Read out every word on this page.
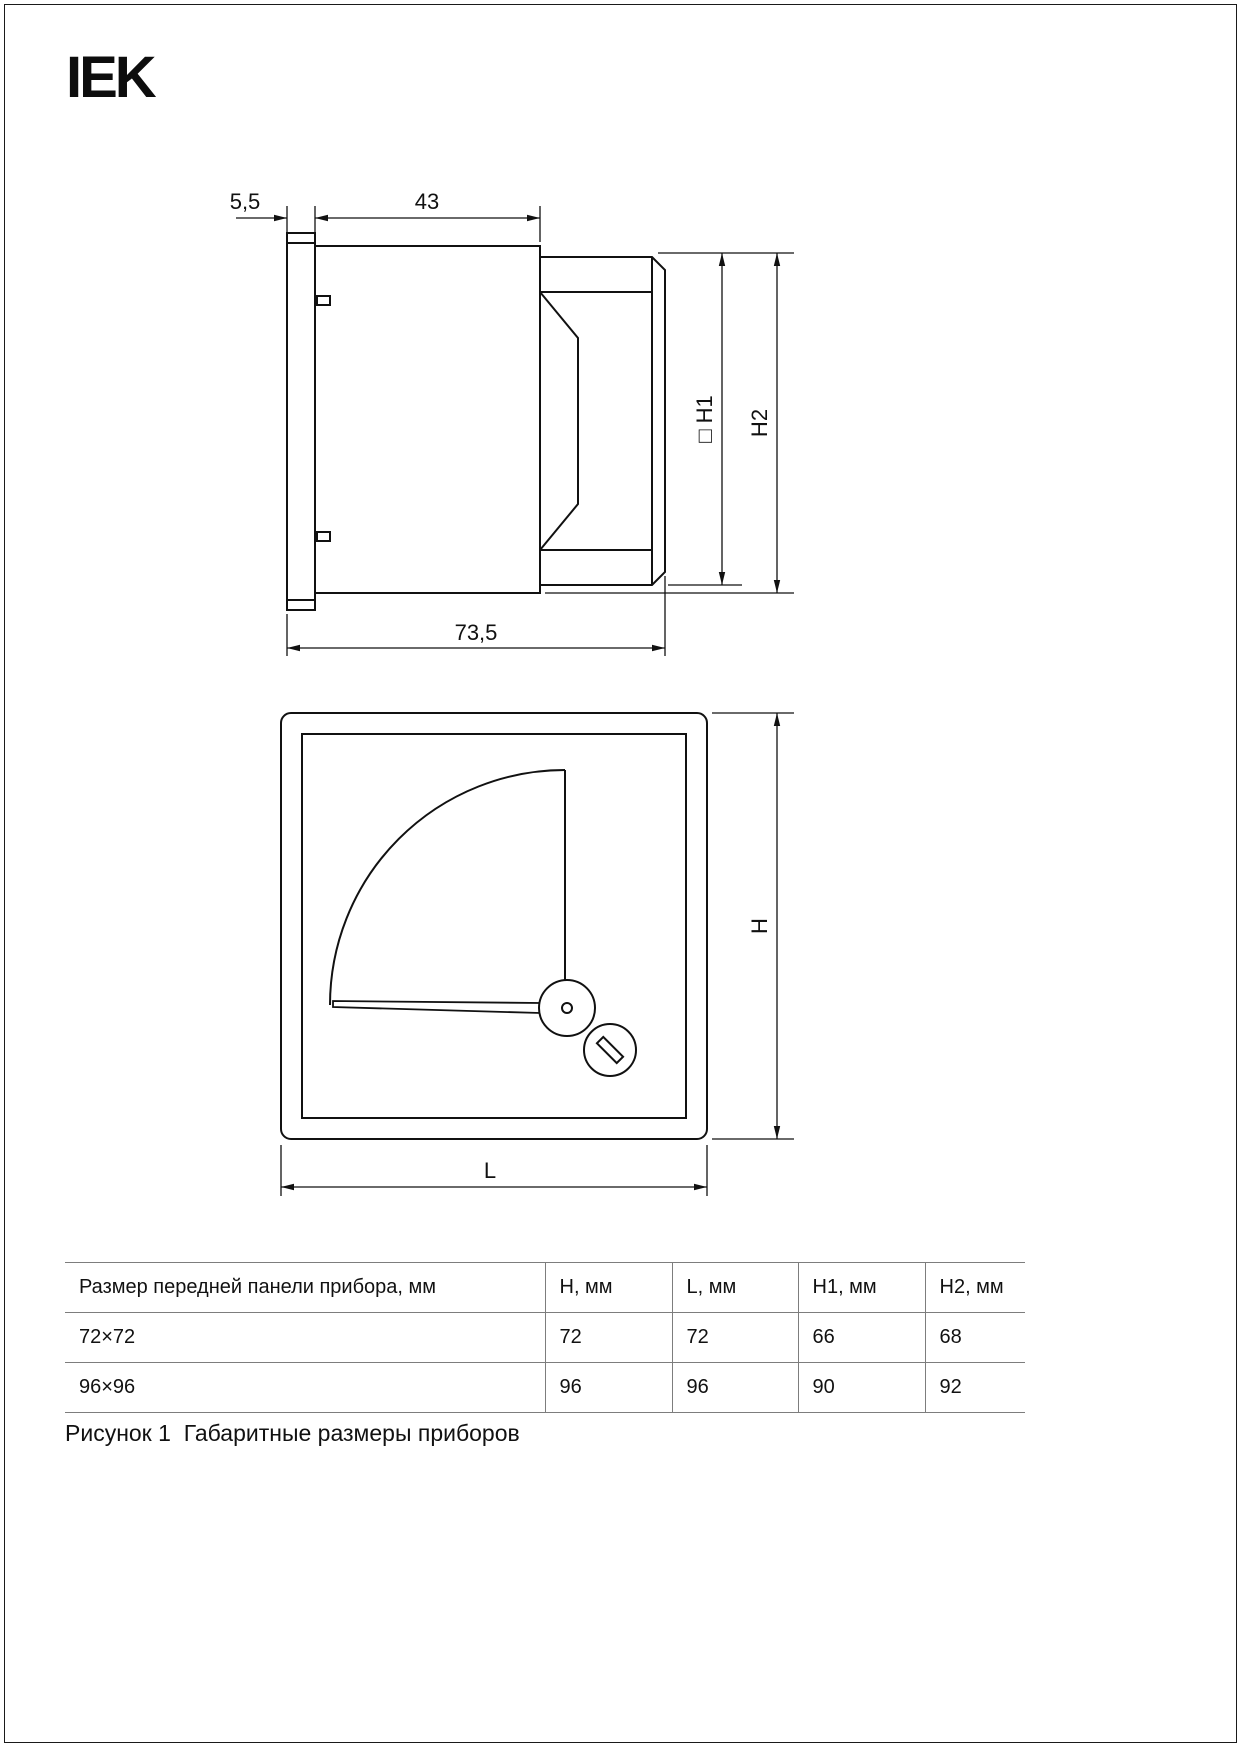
IEK
5,5	43
73,5
□ H1 H2
H
L
Размер передней панели прибора, мм	H, мм	L, мм	H1, мм	H2, мм
72×72	72	72	66	68
96×96	96	96	90	92
Рисунок 1  Габаритные размеры приборов
